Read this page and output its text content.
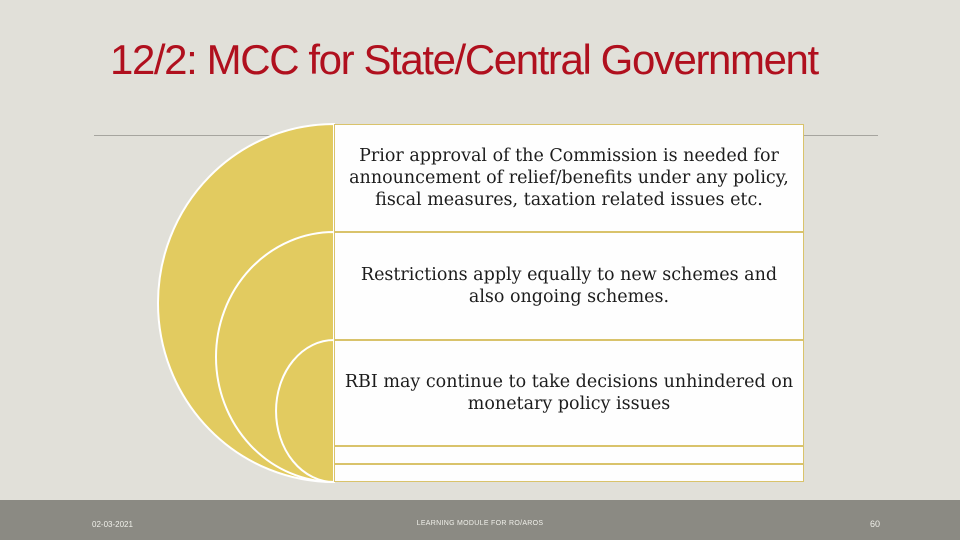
12/2: MCC for State/Central Government
Prior approval of the Commission is needed for announcement of relief/benefits under any policy, fiscal measures, taxation related issues etc.
Restrictions apply equally to new schemes and also ongoing schemes.
RBI may continue to take decisions unhindered on monetary policy issues
02-03-2021	LEARNING MODULE FOR RO/AROS	60
